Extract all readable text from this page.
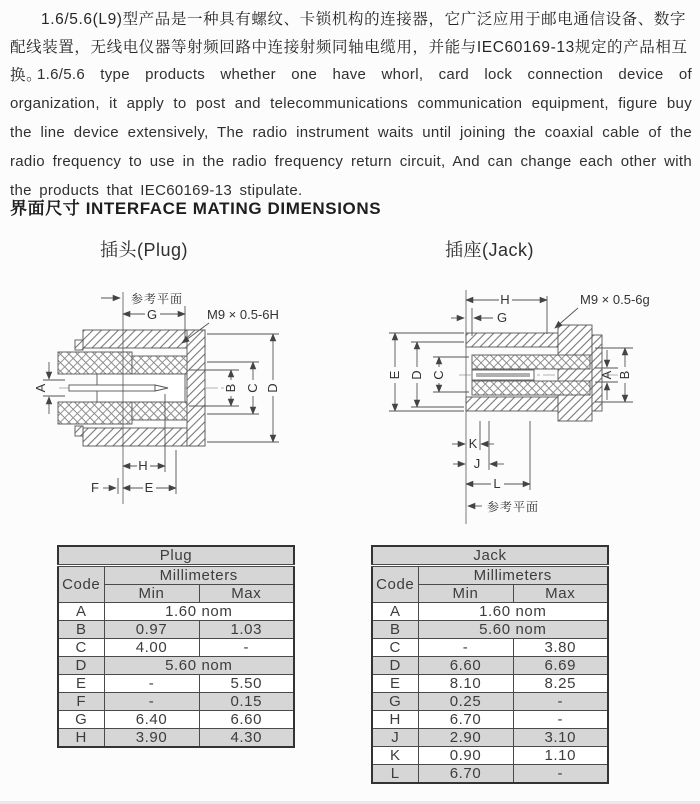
1.6/5.6(L9)型产品是一种具有螺纹、卡锁机构的连接器，它广泛应用于邮电通信设备、数字配线装置，无线电仪器等射频回路中连接射频同轴电缆用，并能与IEC60169-13规定的产品相互换。

1.6/5.6 type products whether one have whorl, card lock connection device of organization, it apply to post and telecommunications communication equipment, figure buy the line device extensively, The radio instrument waits until joining the coaxial cable of the radio frequency to use in the radio frequency return circuit, And can change each other with the products that IEC60169-13 stipulate.

界面尺寸 INTERFACE MATING DIMENSIONS

插头(Plug)	插座(Jack)

参考平面
G	M9 × 0.5-6H
A	B C D
H
E
F
H	M9 × 0.5-6g
G
E D C	A B
K
J
L
参考平面
Plug		
Code	Millimeters	
	Min	Max
A	1.60 nom	
B	0.97	1.03
C	4.00	-
D	5.60 nom	
E	-	5.50
F	-	0.15
G	6.40	6.60
H	3.90	4.30
Jack		
Code	Millimeters	
	Min	Max
A	1.60 nom	
B	5.60 nom	
C	-	3.80
D	6.60	6.69
E	8.10	8.25
G	0.25	-
H	6.70	-
J	2.90	3.10
K	0.90	1.10
L	6.70	-
